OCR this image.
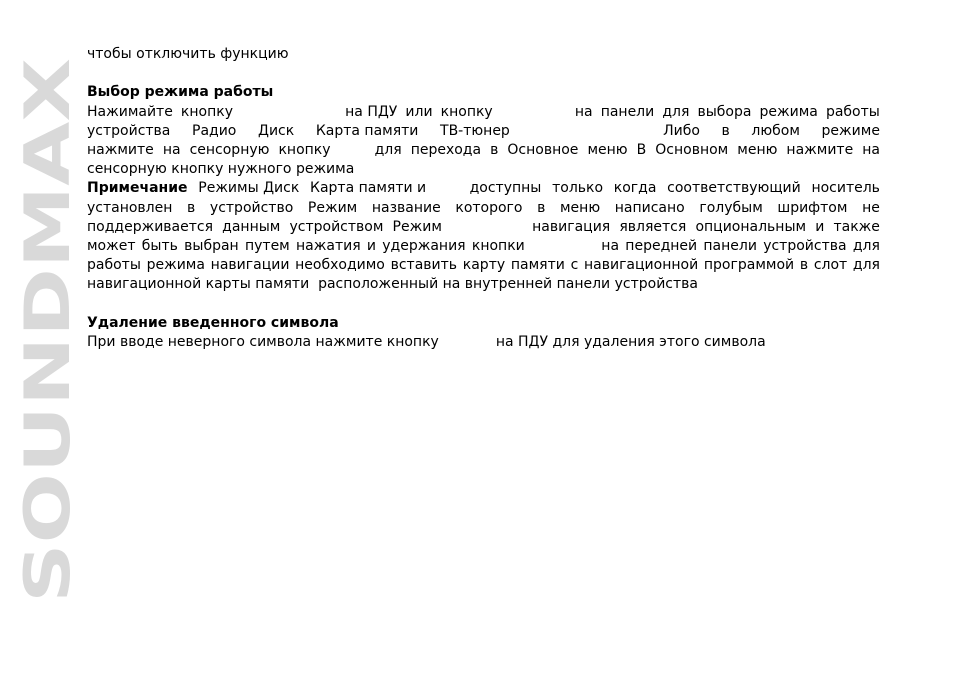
SOUNDMAX
чтобы отключить функцию
Выбор режима работы
Нажимайте кнопку	на ПДУ или кнопку	на панели для выбора режима работы
устройства Радио Диск Карта памяти ТВ-тюнер	Либо в любом режиме
нажмите на сенсорную кнопку	для перехода в Основное меню В Основном меню нажмите на
сенсорную кнопку нужного режима
Примечание Режимы Диск Карта памяти и	доступны только когда соответствующий носитель
установлен в устройство Режим название которого в меню написано голубым шрифтом не
поддерживается данным устройством Режим	навигация является опциональным и также
может быть выбран путем нажатия и удержания кнопки	на передней панели устройства для
работы режима навигации необходимо вставить карту памяти с навигационной программой в слот для
навигационной карты памяти  расположенный на внутренней панели устройства
Удаление введенного символа
При вводе неверного символа нажмите кнопку	на ПДУ для удаления этого символа
